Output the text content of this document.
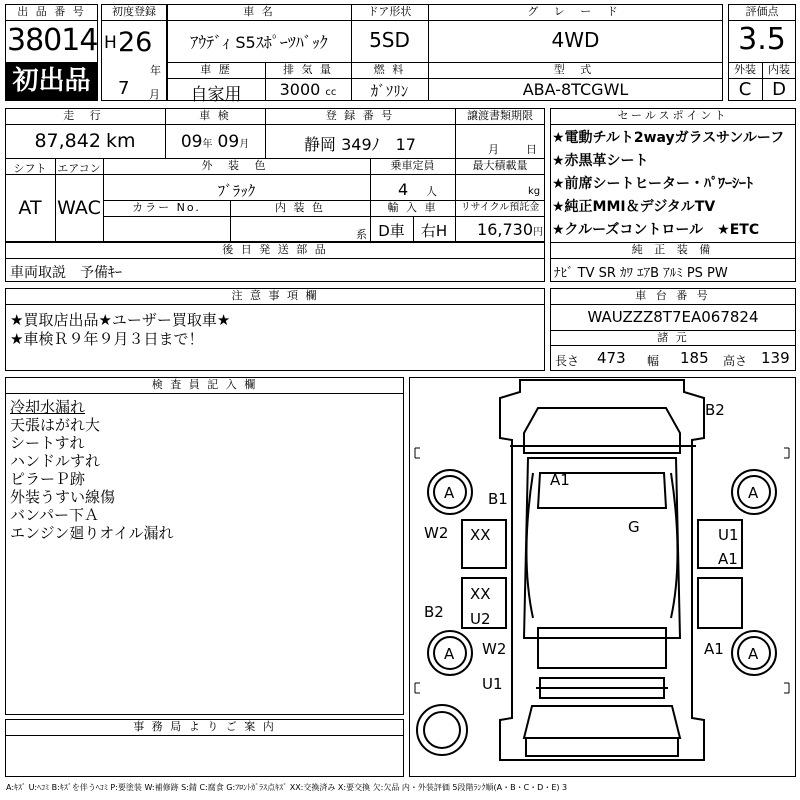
出 品 番 号
38014
初出品
初度登録
H 26
年
7 月
車 名
ｱｳﾃﾞｨ S5ｽﾎﾟｰﾂﾊﾞｯｸ
ドア形状
5SD
グ レ ー ド
4WD
車 歴
自家用
排 気 量
3000 cc
燃 料
ｶﾞｿﾘﾝ
型 式
ABA-8TCGWL
評価点
3.5
外装	内装
C	D
走 行
87,842 km
車 検
09年 09月
登 録 番 号
静岡 349ﾉ　17
譲渡書類期限
月 日
シフト エアコン
AT WAC
外 装 色
ﾌﾞﾗｯｸ
乗車定員
4 人
最大積載量
kg
カラー No.	内 装 色
系
輸 入 車
D車	右H
リサイクル預託金
16,730円
後 日 発 送 部 品
車両取説　予備ｷｰ
セールスポイント
★電動チルト2wayガラスサンルーフ
★赤黒革シート
★前席シートヒーター・ﾊﾟﾜｰｼｰﾄ
★純正MMI＆デジタルTV
★クルーズコントロール　★ETC
純 正 装 備
ﾅﾋﾞ TV SR ｶﾜ ｴｱB ｱﾙﾐ PS PW
注 意 事 項 欄
★買取店出品★ユーザー買取車★
★車検Ｒ９年９月３日まで！
車 台 番 号
WAUZZZ8T7EA067824
諸 元
長さ 473 幅 185 高さ 139
検 査 員 記 入 欄
冷却水漏れ
天張はがれ大
シートすれ
ハンドルすれ
ピラーＰ跡
外装うすい線傷
バンパー下Ａ
エンジン廻りオイル漏れ
事 務 局 よ り ご 案 内
B2
A1
A	A
B1
G
W2 XX	U1
A1
XX
U2
B2
W2
A	A
A1
U1
A:ｷｽﾞ U:ﾍｺﾐ B:ｷｽﾞを伴うﾍｺﾐ P:要塗装 W:補修跡 S:錆 C:腐食 G:ﾌﾛﾝﾄｶﾞﾗｽ点ｷｽﾞ XX:交換済み X:要交換 欠:欠品 内・外装評価 5段階ﾗﾝｸ順(A・B・C・D・E) 3
